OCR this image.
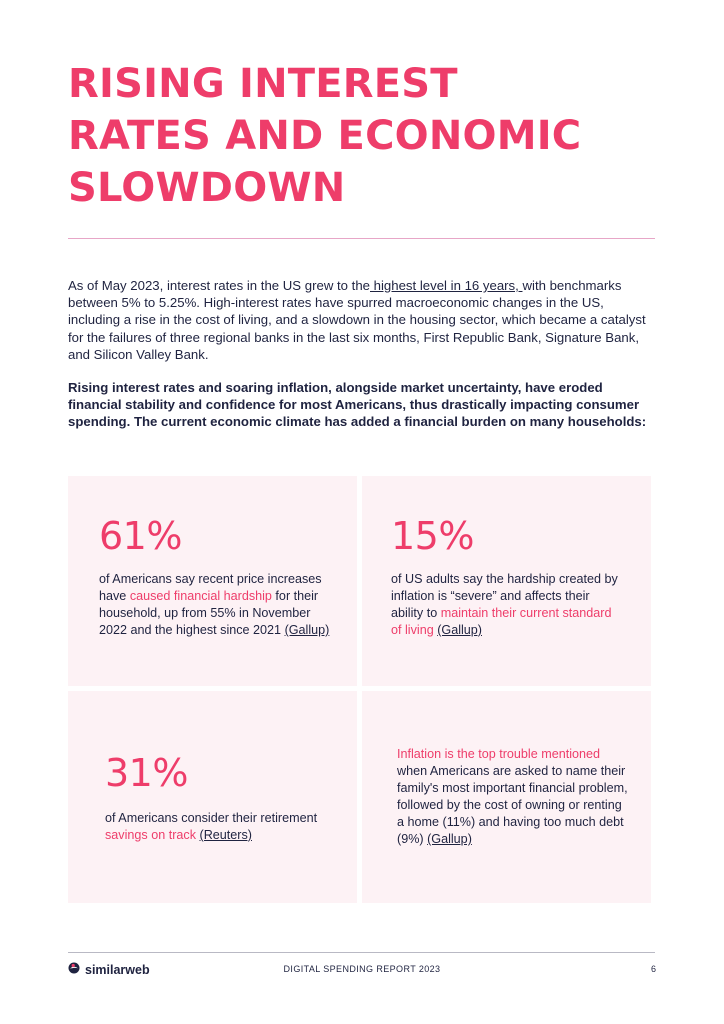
RISING INTEREST
RATES AND ECONOMIC
SLOWDOWN

As of May 2023, interest rates in the US grew to the highest level in 16 years, with benchmarks between 5% to 5.25%. High-interest rates have spurred macroeconomic changes in the US, including a rise in the cost of living, and a slowdown in the housing sector, which became a catalyst for the failures of three regional banks in the last six months, First Republic Bank, Signature Bank, and Silicon Valley Bank.

Rising interest rates and soaring inflation, alongside market uncertainty, have eroded financial stability and confidence for most Americans, thus drastically impacting consumer spending. The current economic climate has added a financial burden on many households:

61%
of Americans say recent price increases have caused financial hardship for their household, up from 55% in November 2022 and the highest since 2021 (Gallup)
15%
of US adults say the hardship created by inflation is “severe” and affects their ability to maintain their current standard of living (Gallup)
31%
of Americans consider their retirement savings on track (Reuters)
Inflation is the top trouble mentioned when Americans are asked to name their family's most important financial problem, followed by the cost of owning or renting a home (11%) and having too much debt (9%) (Gallup)
similarweb	DIGITAL SPENDING REPORT 2023	6
